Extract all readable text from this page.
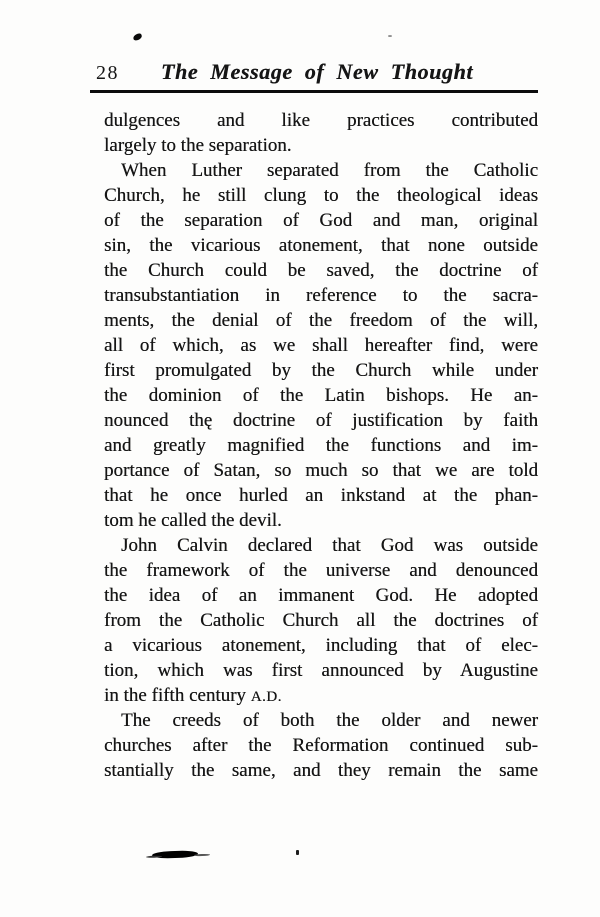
28	The Message of New Thought
dulgences and like practices contributed
largely to the separation.
When Luther separated from the Catholic
Church, he still clung to the theological ideas
of the separation of God and man, original
sin, the vicarious atonement, that none outside
the Church could be saved, the doctrine of
transubstantiation in reference to the sacra-
ments, the denial of the freedom of the will,
all of which, as we shall hereafter find, were
first promulgated by the Church while under
the dominion of the Latin bishops. He an-
nounced thę doctrine of justification by faith
and greatly magnified the functions and im-
portance of Satan, so much so that we are told
that he once hurled an inkstand at the phan-
tom he called the devil.
John Calvin declared that God was outside
the framework of the universe and denounced
the idea of an immanent God. He adopted
from the Catholic Church all the doctrines of
a vicarious atonement, including that of elec-
tion, which was first announced by Augustine
in the fifth century A.D.
The creeds of both the older and newer
churches after the Reformation continued sub-
stantially the same, and they remain the same
